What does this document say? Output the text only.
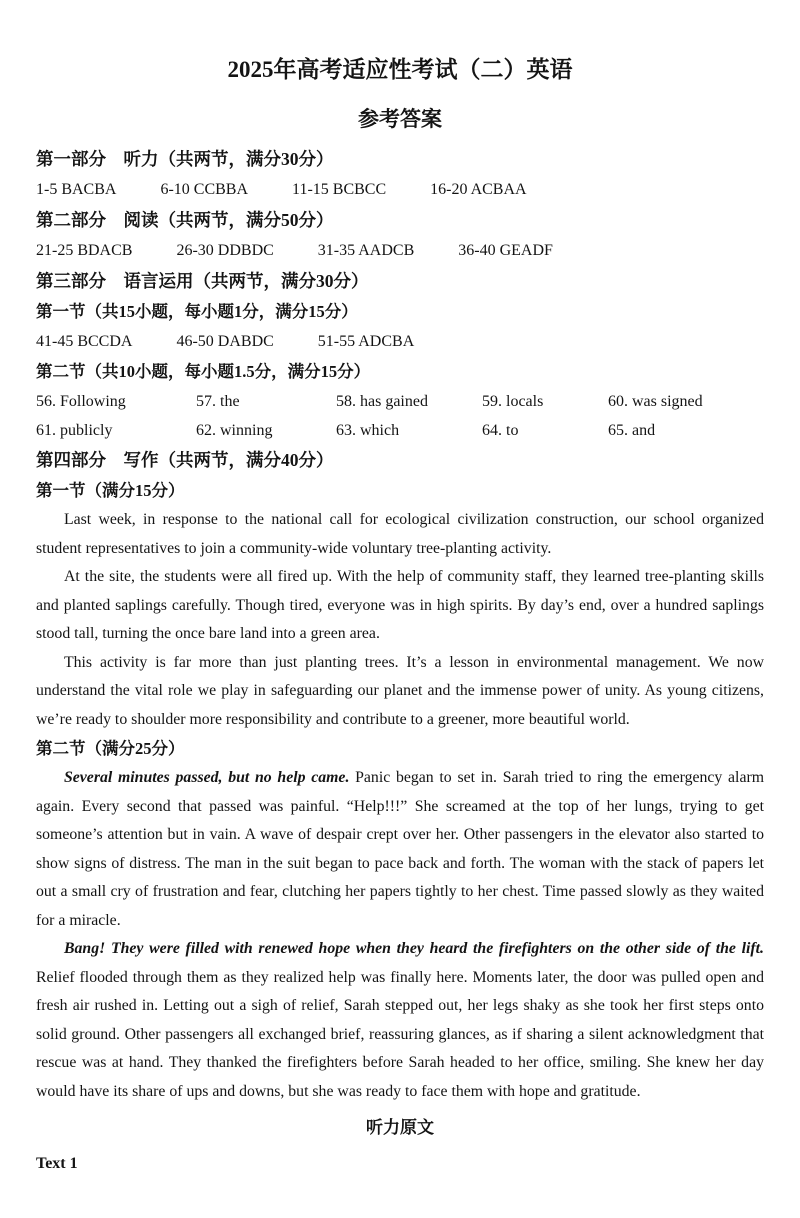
2025年高考适应性考试（二）英语
参考答案
第一部分　听力（共两节，满分30分）
1-5 BACBA	6-10 CCBBA	11-15 BCBCC	16-20 ACBAA
第二部分　阅读（共两节，满分50分）
21-25 BDACB	26-30 DDBDC	31-35 AADCB	36-40 GEADF
第三部分　语言运用（共两节，满分30分）
第一节（共15小题，每小题1分，满分15分）
41-45 BCCDA	46-50 DABDC	51-55 ADCBA
第二节（共10小题，每小题1.5分，满分15分）
56. Following	57. the	58. has gained	59. locals	60. was signed
61. publicly	62. winning	63. which	64. to	65. and
第四部分　写作（共两节，满分40分）
第一节（满分15分）

Last week, in response to the national call for ecological civilization construction, our school organized student representatives to join a community-wide voluntary tree-planting activity.

At the site, the students were all fired up. With the help of community staff, they learned tree-planting skills and planted saplings carefully. Though tired, everyone was in high spirits. By day’s end, over a hundred saplings stood tall, turning the once bare land into a green area.

This activity is far more than just planting trees. It’s a lesson in environmental management. We now understand the vital role we play in safeguarding our planet and the immense power of unity. As young citizens, we’re ready to shoulder more responsibility and contribute to a greener, more beautiful world.

第二节（满分25分）

Several minutes passed, but no help came. Panic began to set in. Sarah tried to ring the emergency alarm again. Every second that passed was painful. “Help!!!” She screamed at the top of her lungs, trying to get someone’s attention but in vain. A wave of despair crept over her. Other passengers in the elevator also started to show signs of distress. The man in the suit began to pace back and forth. The woman with the stack of papers let out a small cry of frustration and fear, clutching her papers tightly to her chest. Time passed slowly as they waited for a miracle.

Bang! They were filled with renewed hope when they heard the firefighters on the other side of the lift. Relief flooded through them as they realized help was finally here. Moments later, the door was pulled open and fresh air rushed in. Letting out a sigh of relief, Sarah stepped out, her legs shaky as she took her first steps onto solid ground. Other passengers all exchanged brief, reassuring glances, as if sharing a silent acknowledgment that rescue was at hand. They thanked the firefighters before Sarah headed to her office, smiling. She knew her day would have its share of ups and downs, but she was ready to face them with hope and gratitude.

听力原文
Text 1
